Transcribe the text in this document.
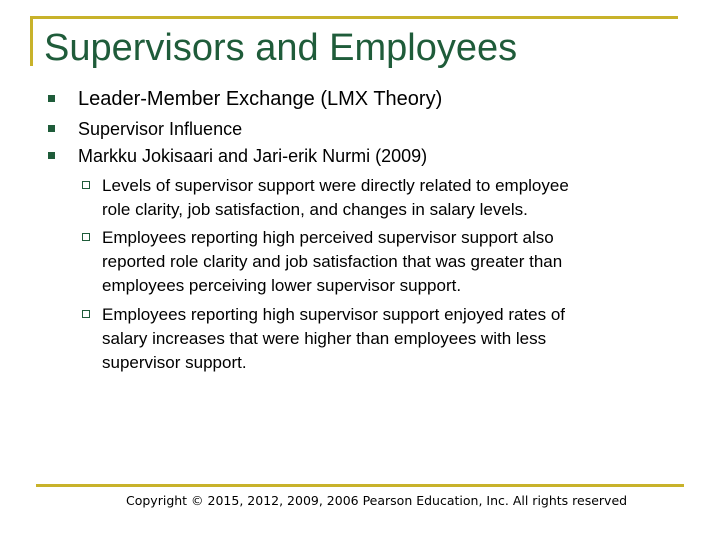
Supervisors and Employees
Leader-Member Exchange (LMX Theory)
Supervisor Influence
Markku Jokisaari and Jari-erik Nurmi (2009)
Levels of supervisor support were directly related to employee
role clarity, job satisfaction, and changes in salary levels.
Employees reporting high perceived supervisor support also
reported role clarity and job satisfaction that was greater than
employees perceiving lower supervisor support.
Employees reporting high supervisor support enjoyed rates of
salary increases that were higher than employees with less
supervisor support.
Copyright © 2015, 2012, 2009, 2006 Pearson Education, Inc. All rights reserved
